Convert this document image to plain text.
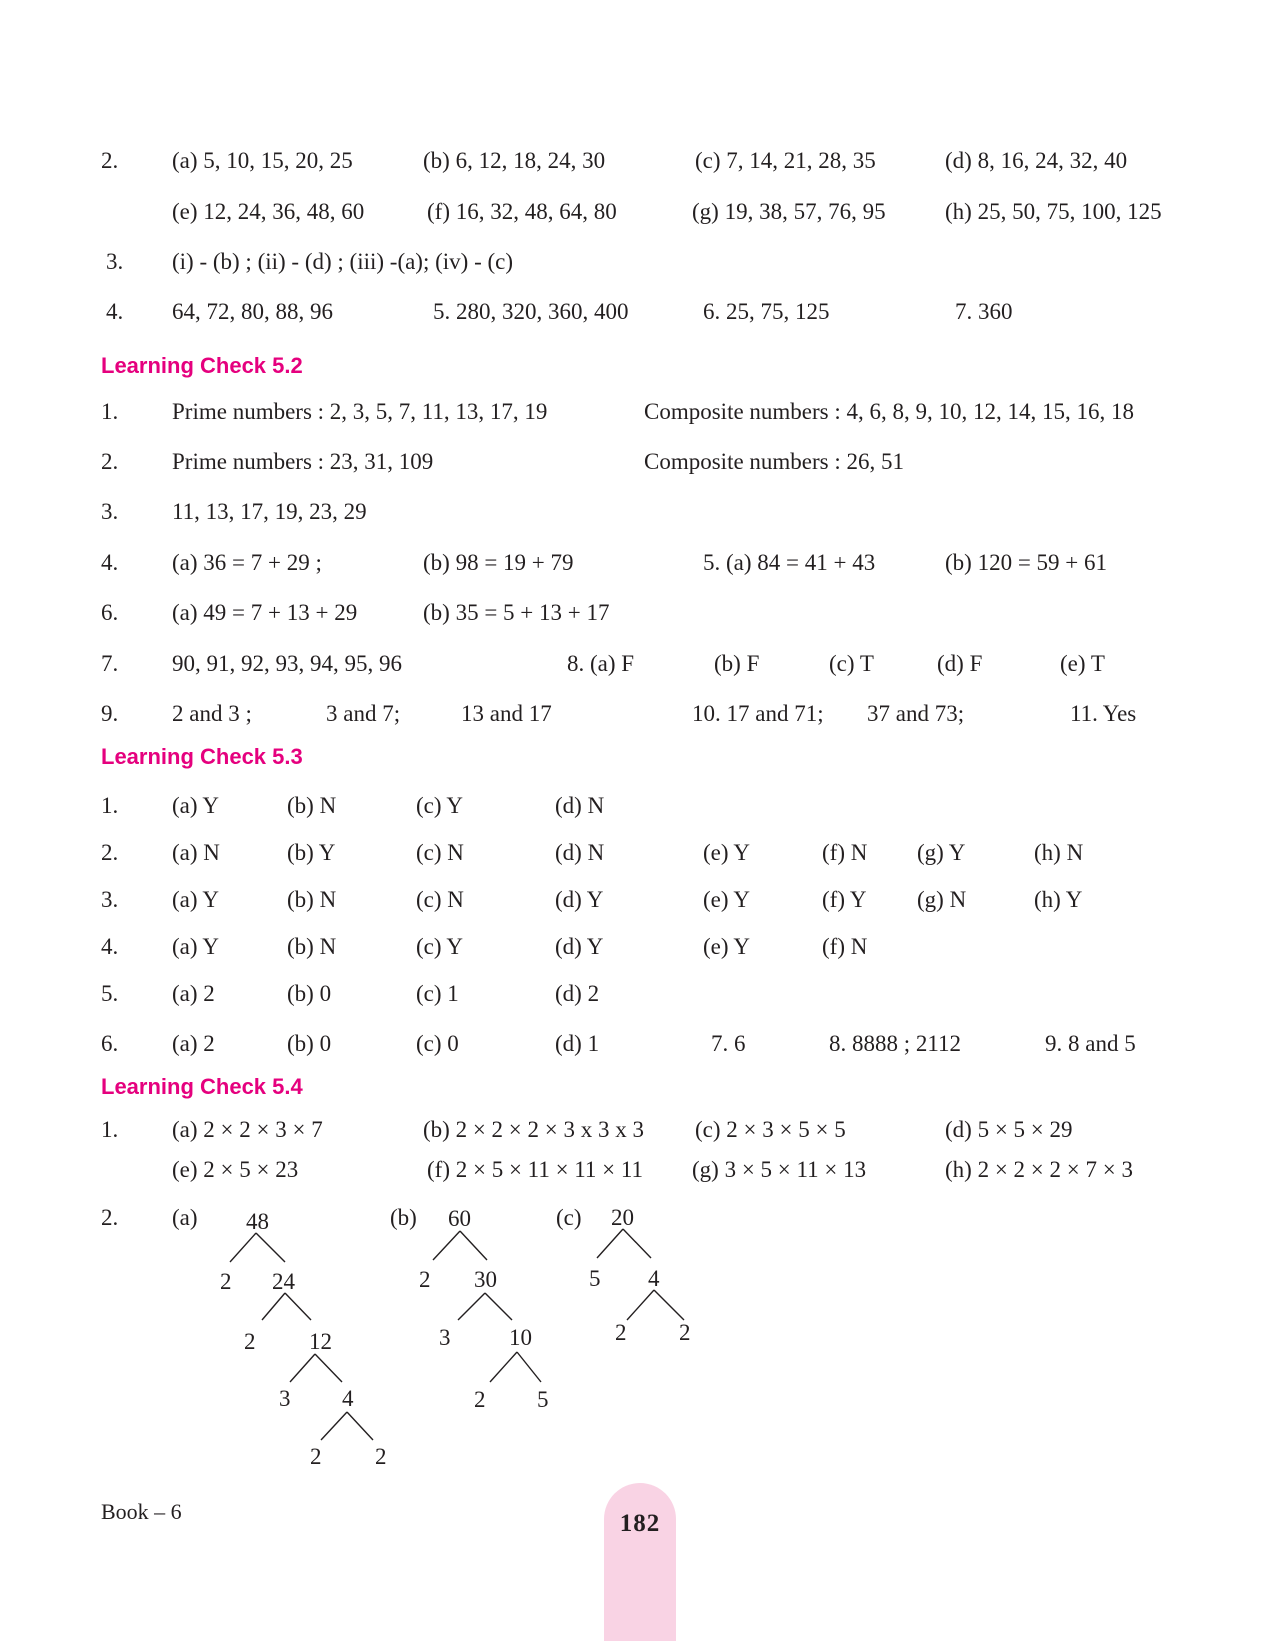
2. (a) 5, 10, 15, 20, 25	(b) 6, 12, 18, 24, 30	(c) 7, 14, 21, 28, 35	(d) 8, 16, 24, 32, 40
(e) 12, 24, 36, 48, 60	(f) 16, 32, 48, 64, 80	(g) 19, 38, 57, 76, 95	(h) 25, 50, 75, 100, 125
3. (i) - (b) ; (ii) - (d) ; (iii) -(a); (iv) - (c)
4. 64, 72, 80, 88, 96	5. 280, 320, 360, 400	6. 25, 75, 125	7. 360
Learning Check 5.2
1. Prime numbers : 2, 3, 5, 7, 11, 13, 17, 19	Composite numbers : 4, 6, 8, 9, 10, 12, 14, 15, 16, 18
2. Prime numbers : 23, 31, 109	Composite numbers : 26, 51
3. 11, 13, 17, 19, 23, 29
4. (a) 36 = 7 + 29 ;	(b) 98 = 19 + 79	5. (a) 84 = 41 + 43	(b) 120 = 59 + 61
6. (a) 49 = 7 + 13 + 29	(b) 35 = 5 + 13 + 17
7. 90, 91, 92, 93, 94, 95, 96	8. (a) F	(b) F	(c) T	(d) F	(e) T
9. 2 and 3 ;	3 and 7;	13 and 17	10. 17 and 71; 37 and 73;	11. Yes
Learning Check 5.3
1. (a) Y	(b) N	(c) Y	(d) N
2. (a) N	(b) Y	(c) N	(d) N	(e) Y	(f) N (g) Y	(h) N
3. (a) Y	(b) N	(c) N	(d) Y	(e) Y	(f) Y (g) N	(h) Y
4. (a) Y	(b) N	(c) Y	(d) Y	(e) Y	(f) N
5. (a) 2	(b) 0	(c) 1	(d) 2
6. (a) 2	(b) 0	(c) 0	(d) 1	7. 6	8. 8888 ; 2112	9. 8 and 5
Learning Check 5.4
1. (a) 2 × 2 × 3 × 7	(b) 2 × 2 × 2 × 3 x 3 x 3 (c) 2 × 3 × 5 × 5	(d) 5 × 5 × 29
(e) 2 × 5 × 23	(f) 2 × 5 × 11 × 11 × 11 (g) 3 × 5 × 11 × 13	(h) 2 × 2 × 2 × 7 × 3
2. (a) 48
2 24
2 12
3 4
2 2
(b) 60
2 30
3	10
2 5
(c) 20
5 4
2 2
Book – 6	182
